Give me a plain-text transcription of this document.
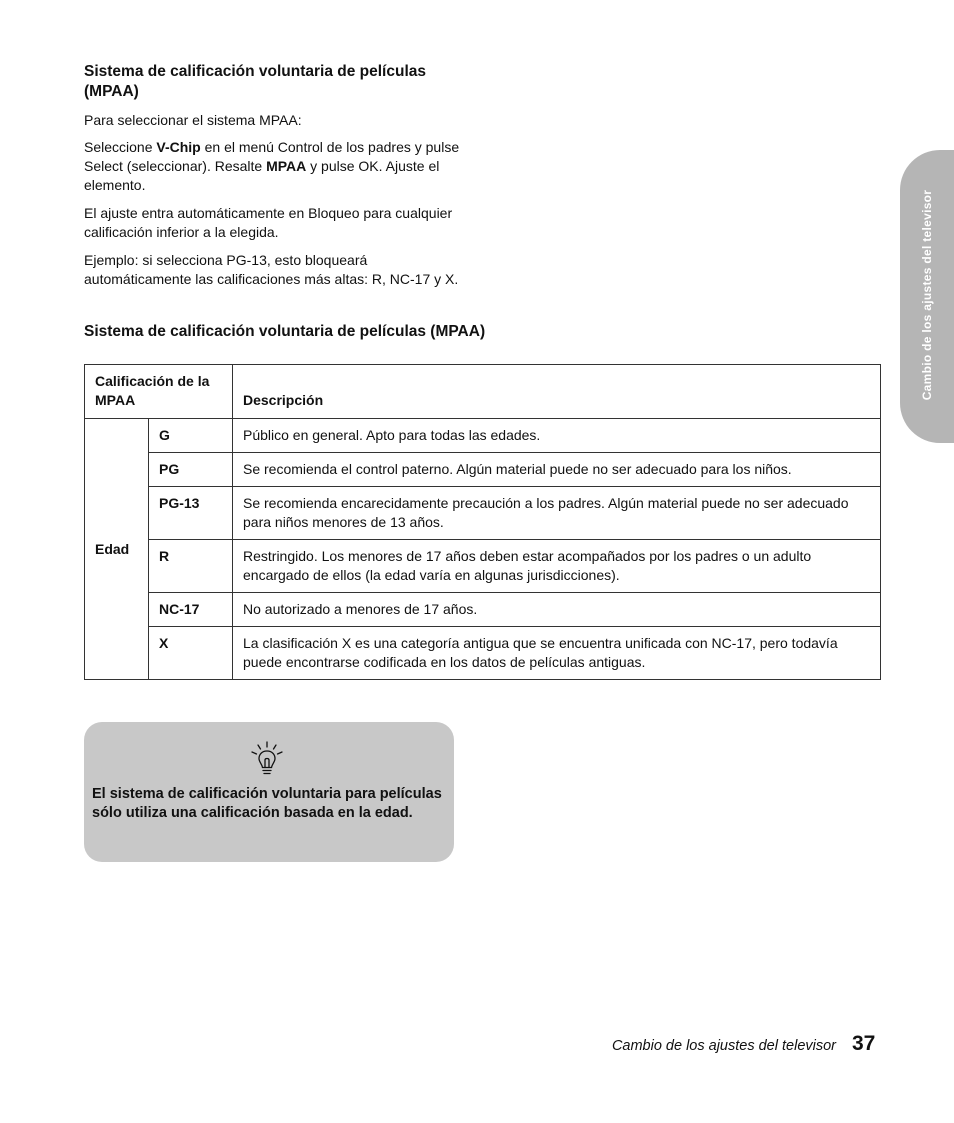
Sistema de calificación voluntaria de películas (MPAA)
Para seleccionar el sistema MPAA:
Seleccione V-Chip en el menú Control de los padres y pulse Select (seleccionar). Resalte MPAA y pulse OK. Ajuste el elemento.
El ajuste entra automáticamente en Bloqueo para cualquier calificación inferior a la elegida.
Ejemplo: si selecciona PG-13, esto bloqueará automáticamente las calificaciones más altas: R, NC-17 y X.
Sistema de calificación voluntaria de películas (MPAA)
Calificación de la MPAA		Descripción
Edad	G	Público en general. Apto para todas las edades.
	PG	Se recomienda el control paterno. Algún material puede no ser adecuado para los niños.
	PG-13	Se recomienda encarecidamente precaución a los padres. Algún material puede no ser adecuado para niños menores de 13 años.
	R	Restringido. Los menores de 17 años deben estar acompañados por los padres o un adulto encargado de ellos (la edad varía en algunas jurisdicciones).
	NC-17	No autorizado a menores de 17 años.
	X	La clasificación X es una categoría antigua que se encuentra unificada con NC-17, pero todavía puede encontrarse codificada en los datos de películas antiguas.
El sistema de calificación voluntaria para películas sólo utiliza una calificación basada en la edad.
Cambio de los ajustes del televisor
Cambio de los ajustes del televisor 37
